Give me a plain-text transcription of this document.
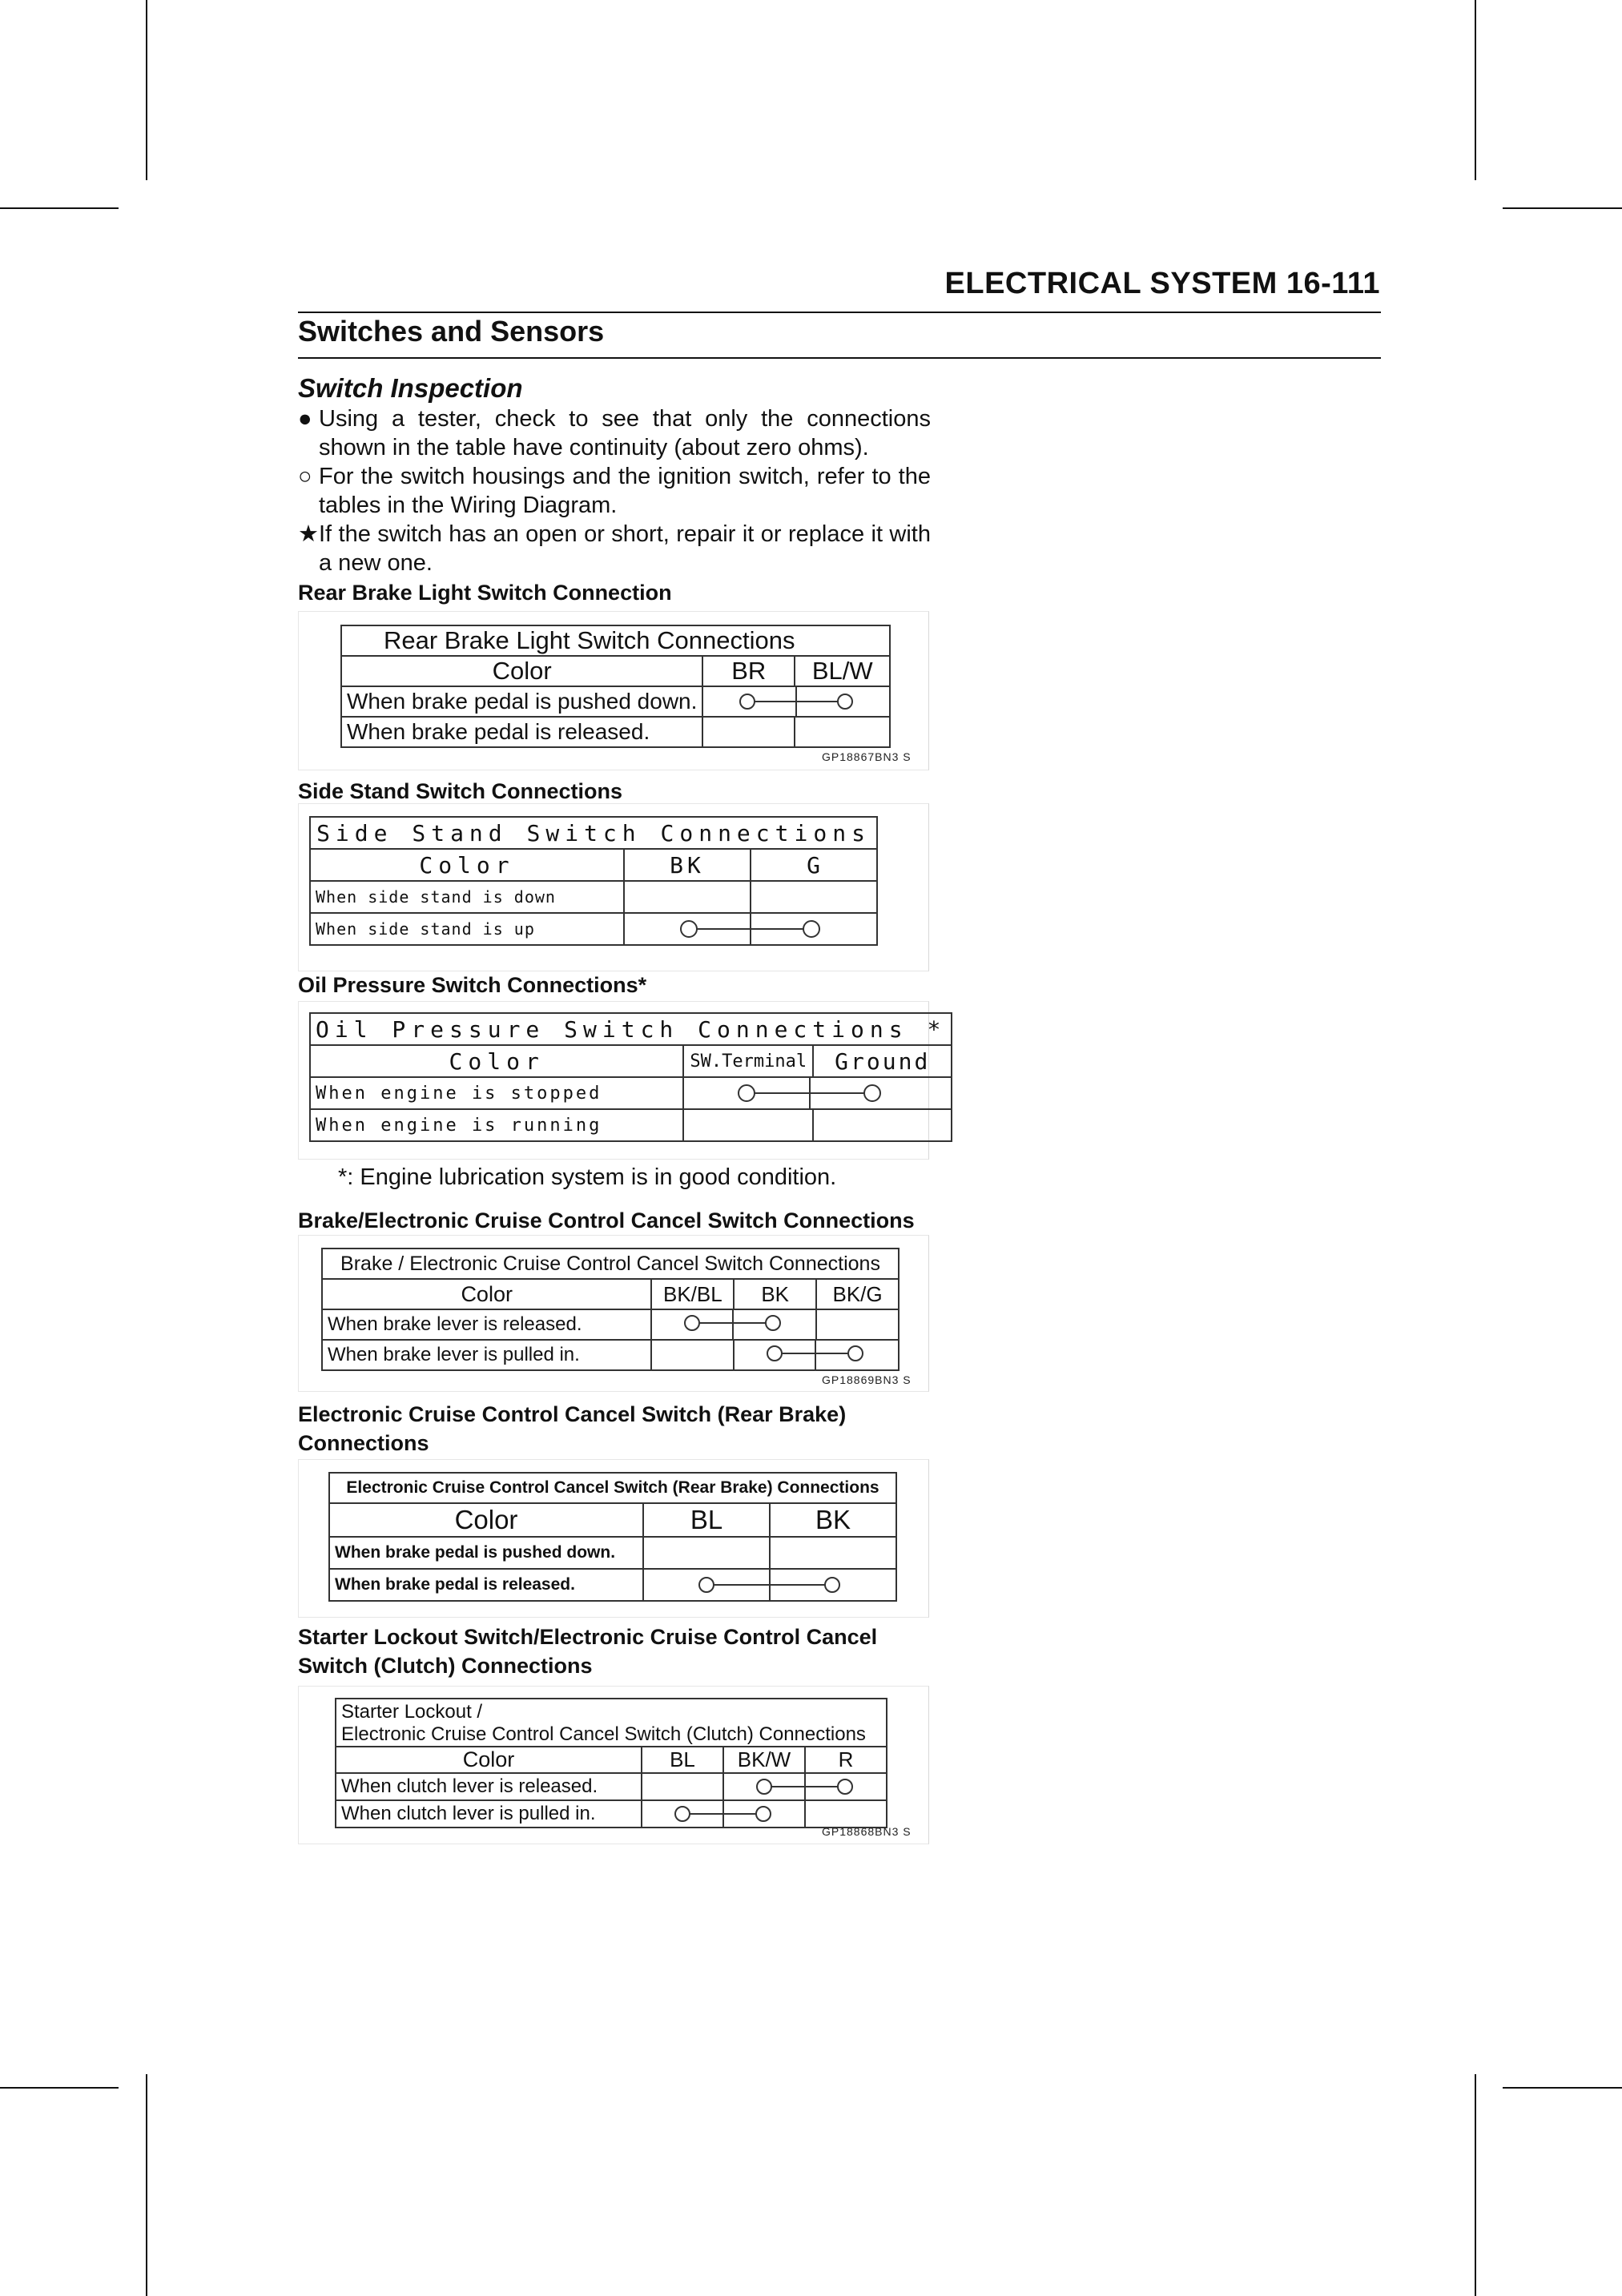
ELECTRICAL SYSTEM 16-111
Switches and Sensors
Switch Inspection
● Using a tester, check to see that only the connections shown in the table have continuity (about zero ohms).
○ For the switch housings and the ignition switch, refer to the tables in the Wiring Diagram.
★ If the switch has an open or short, repair it or replace it with a new one.
Rear Brake Light Switch Connection
Rear Brake Light Switch Connections		
Color	BR	BL/W
When brake pedal is pushed down.	

When brake pedal is released.		
GP18867BN3 S
Side Stand Switch Connections
Side Stand Switch Connections		
Color	BK	G
When side stand is down		
When side stand is up	
Oil Pressure Switch Connections*
Oil Pressure Switch Connections *		
Color	SW.Terminal	Ground
When engine is stopped	

When engine is running		
*: Engine lubrication system is in good condition.
Brake/Electronic Cruise Control Cancel Switch Connections
Brake / Electronic Cruise Control Cancel Switch Connections			
Color	BK/BL	BK	BK/G
When brake lever is released.	

When brake lever is pulled in.		
GP18869BN3 S
Electronic Cruise Control Cancel Switch (Rear Brake)
Connections
Electronic Cruise Control Cancel Switch (Rear Brake) Connections		
Color	BL	BK
When brake pedal is pushed down.		
When brake pedal is released.	
Starter Lockout Switch/Electronic Cruise Control Cancel
Switch (Clutch) Connections
Starter Lockout /
Electronic Cruise Control Cancel Switch (Clutch) Connections			

Color	BL	BK/W	R
When clutch lever is released.		

When clutch lever is pulled in.	

GP18868BN3 S
